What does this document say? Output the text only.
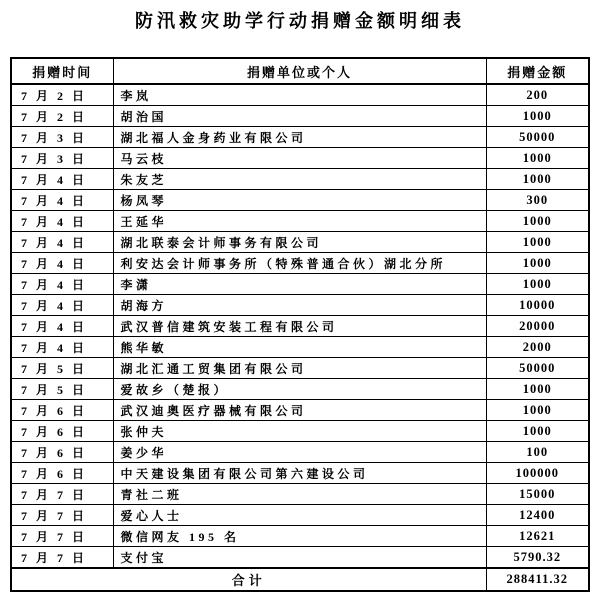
防汛救灾助学行动捐赠金额明细表
捐赠时间	捐赠单位或个人	捐赠金额
7 月 2 日	李岚	200
7 月 2 日	胡治国	1000
7 月 3 日	湖北福人金身药业有限公司	50000
7 月 3 日	马云枝	1000
7 月 4 日	朱友芝	1000
7 月 4 日	杨凤琴	300
7 月 4 日	王延华	1000
7 月 4 日	湖北联泰会计师事务有限公司	1000
7 月 4 日	利安达会计师事务所（特殊普通合伙）湖北分所	1000
7 月 4 日	李潇	1000
7 月 4 日	胡海方	10000
7 月 4 日	武汉普信建筑安装工程有限公司	20000
7 月 4 日	熊华敏	2000
7 月 5 日	湖北汇通工贸集团有限公司	50000
7 月 5 日	爱故乡（楚报）	1000
7 月 6 日	武汉迪奥医疗器械有限公司	1000
7 月 6 日	张仲夫	1000
7 月 6 日	姜少华	100
7 月 6 日	中天建设集团有限公司第六建设公司	100000
7 月 7 日	青社二班	15000
7 月 7 日	爱心人士	12400
7 月 7 日	微信网友 195 名	12621
7 月 7 日	支付宝	5790.32
合计		288411.32
